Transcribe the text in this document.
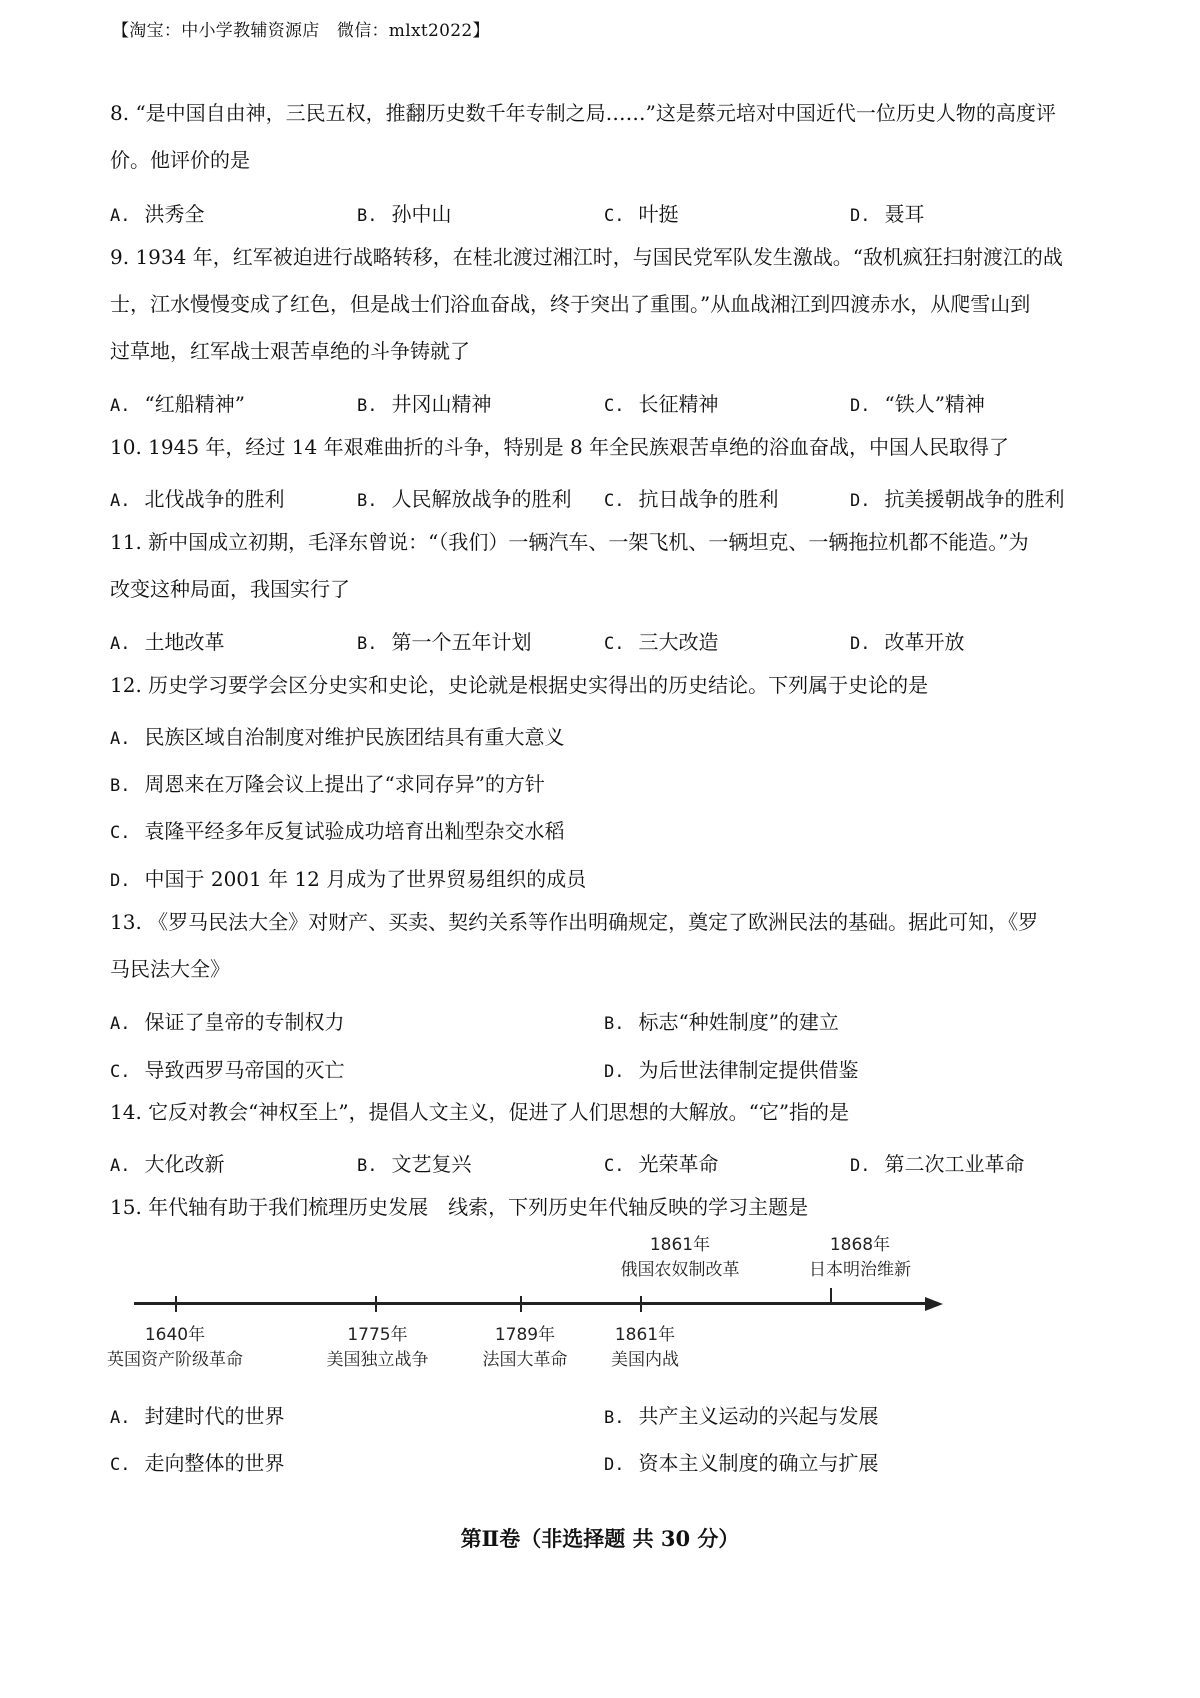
【淘宝：中小学教辅资源店　微信：mlxt2022】
8. “是中国自由神，三民五权，推翻历史数千年专制之局……”这是蔡元培对中国近代一位历史人物的高度评
价。他评价的是
A. 洪秀全	B. 孙中山	C. 叶挺	D. 聂耳
9. 1934 年，红军被迫进行战略转移，在桂北渡过湘江时，与国民党军队发生激战。“敌机疯狂扫射渡江的战
士，江水慢慢变成了红色，但是战士们浴血奋战，终于突出了重围。”从血战湘江到四渡赤水，从爬雪山到
过草地，红军战士艰苦卓绝的斗争铸就了
A. “红船精神”	B. 井冈山精神	C. 长征精神	D. “铁人”精神
10. 1945 年，经过 14 年艰难曲折的斗争，特别是 8 年全民族艰苦卓绝的浴血奋战，中国人民取得了
A. 北伐战争的胜利	B. 人民解放战争的胜利 C. 抗日战争的胜利	D. 抗美援朝战争的胜利
11. 新中国成立初期，毛泽东曾说：“（我们）一辆汽车、一架飞机、一辆坦克、一辆拖拉机都不能造。”为
改变这种局面，我国实行了
A. 土地改革	B. 第一个五年计划	C. 三大改造	D. 改革开放
12. 历史学习要学会区分史实和史论，史论就是根据史实得出的历史结论。下列属于史论的是
A. 民族区域自治制度对维护民族团结具有重大意义
B. 周恩来在万隆会议上提出了“求同存异”的方针
C. 袁隆平经多年反复试验成功培育出籼型杂交水稻
D. 中国于 2001 年 12 月成为了世界贸易组织的成员
13. 《罗马民法大全》对财产、买卖、契约关系等作出明确规定，奠定了欧洲民法的基础。据此可知，《罗
马民法大全》
A. 保证了皇帝的专制权力	B. 标志“种姓制度”的建立
C. 导致西罗马帝国的灭亡	D. 为后世法律制定提供借鉴
14. 它反对教会“神权至上”，提倡人文主义，促进了人们思想的大解放。“它”指的是
A. 大化改新	B. 文艺复兴	C. 光荣革命	D. 第二次工业革命
15. 年代轴有助于我们梳理历史发展　线索，下列历史年代轴反映的学习主题是
1861年
俄国农奴制改革
1868年
日本明治维新
1640年
英国资产阶级革命
1775年
美国独立战争
1789年
法国大革命
1861年
美国内战
A. 封建时代的世界	B. 共产主义运动的兴起与发展
C. 走向整体的世界	D. 资本主义制度的确立与扩展
第Ⅱ卷（非选择题 共 30 分）
